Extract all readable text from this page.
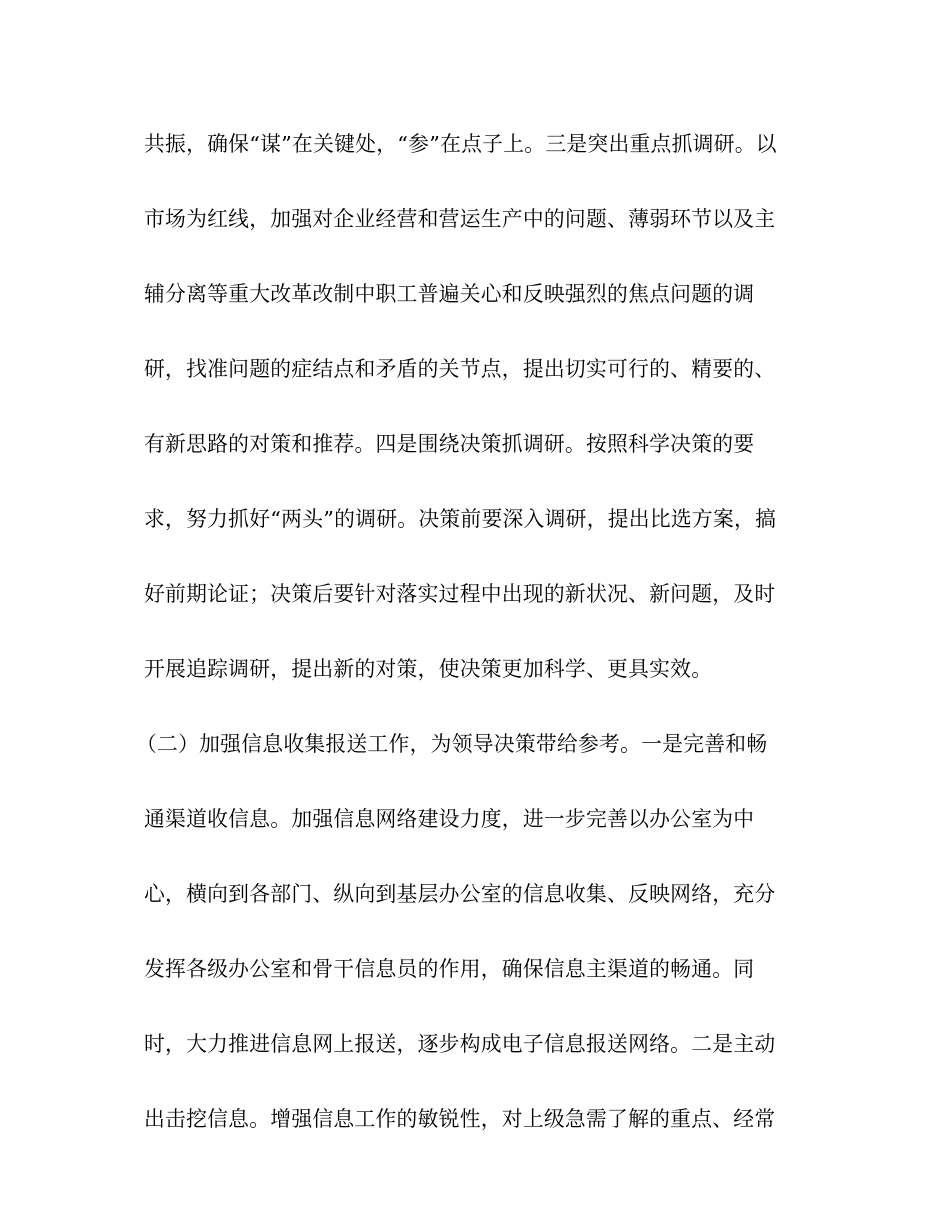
共振，确保“谋”在关键处，“参”在点子上。三是突出重点抓调研。以
市场为红线，加强对企业经营和营运生产中的问题、薄弱环节以及主
辅分离等重大改革改制中职工普遍关心和反映强烈的焦点问题的调
研，找准问题的症结点和矛盾的关节点，提出切实可行的、精要的、
有新思路的对策和推荐。四是围绕决策抓调研。按照科学决策的要
求，努力抓好“两头”的调研。决策前要深入调研，提出比选方案，搞
好前期论证；决策后要针对落实过程中出现的新状况、新问题，及时
开展追踪调研，提出新的对策，使决策更加科学、更具实效。
（二）加强信息收集报送工作，为领导决策带给参考。一是完善和畅
通渠道收信息。加强信息网络建设力度，进一步完善以办公室为中
心，横向到各部门、纵向到基层办公室的信息收集、反映网络，充分
发挥各级办公室和骨干信息员的作用，确保信息主渠道的畅通。同
时，大力推进信息网上报送，逐步构成电子信息报送网络。二是主动
出击挖信息。增强信息工作的敏锐性，对上级急需了解的重点、经常
